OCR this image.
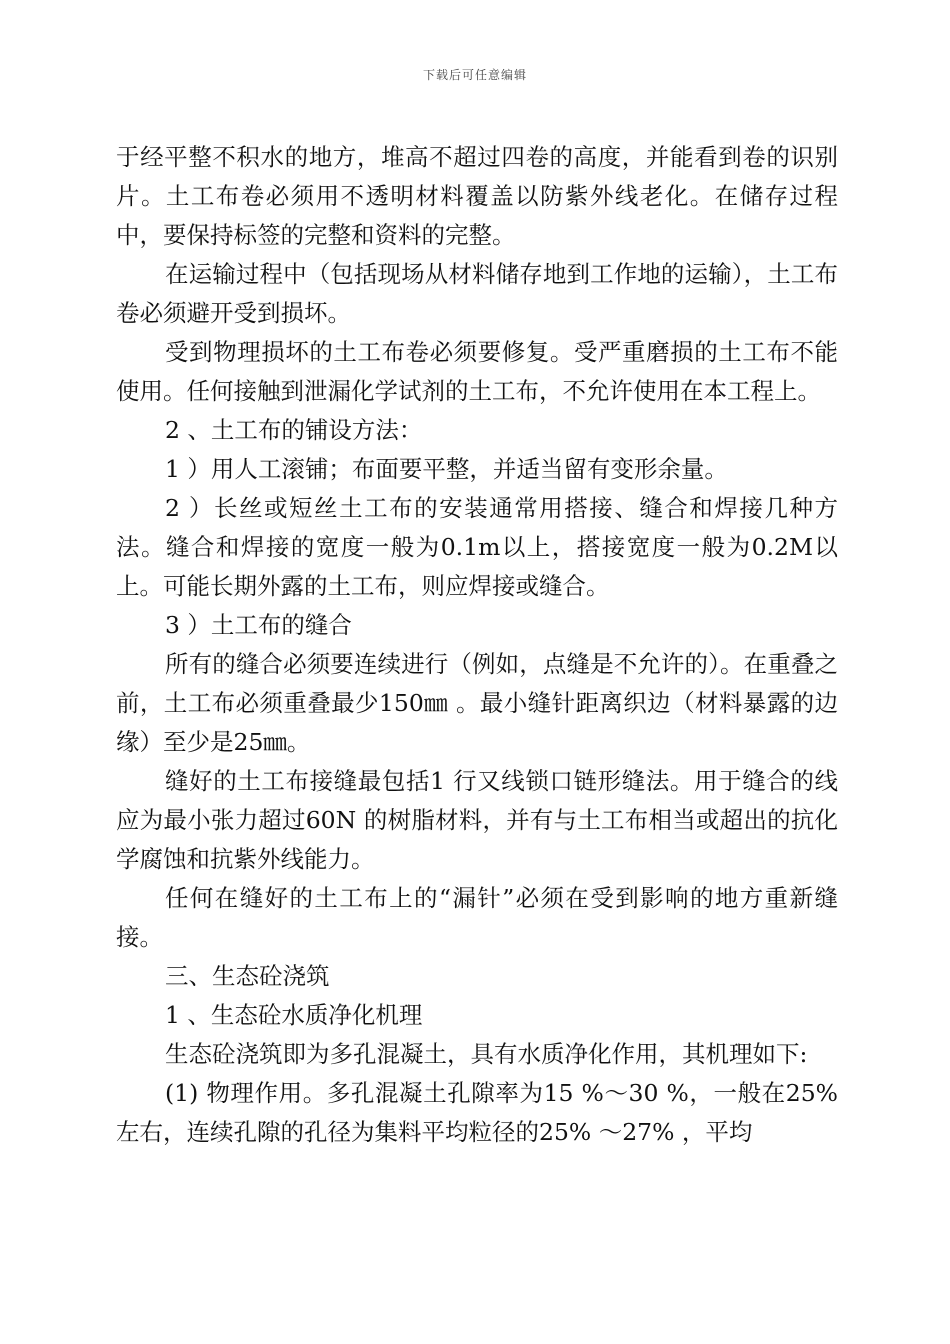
下载后可任意编辑

于经平整不积水的地方，堆高不超过四卷的高度，并能看到卷的识别片。土工布卷必须用不透明材料覆盖以防紫外线老化。在储存过程中，要保持标签的完整和资料的完整。

在运输过程中（包括现场从材料储存地到工作地的运输），土工布卷必须避开受到损坏。

受到物理损坏的土工布卷必须要修复。受严重磨损的土工布不能使用。任何接触到泄漏化学试剂的土工布，不允许使用在本工程上。

2 、土工布的铺设方法：

1 ）用人工滚铺；布面要平整，并适当留有变形余量。

2 ）长丝或短丝土工布的安装通常用搭接、缝合和焊接几种方法。缝合和焊接的宽度一般为0.1m以上，搭接宽度一般为0.2M以上。可能长期外露的土工布，则应焊接或缝合。

3 ）土工布的缝合

所有的缝合必须要连续进行（例如，点缝是不允许的）。在重叠之前，土工布必须重叠最少150㎜ 。最小缝针距离织边（材料暴露的边缘）至少是25㎜。

缝好的土工布接缝最包括1 行又线锁口链形缝法。用于缝合的线应为最小张力超过60N 的树脂材料，并有与土工布相当或超出的抗化学腐蚀和抗紫外线能力。

任何在缝好的土工布上的“漏针”必须在受到影响的地方重新缝接。

三、生态砼浇筑

1 、生态砼水质净化机理

生态砼浇筑即为多孔混凝土，具有水质净化作用，其机理如下:

(1) 物理作用。多孔混凝土孔隙率为15 %～30 %，一般在25% 左右，连续孔隙的孔径为集料平均粒径的25% ～27% ，平均
